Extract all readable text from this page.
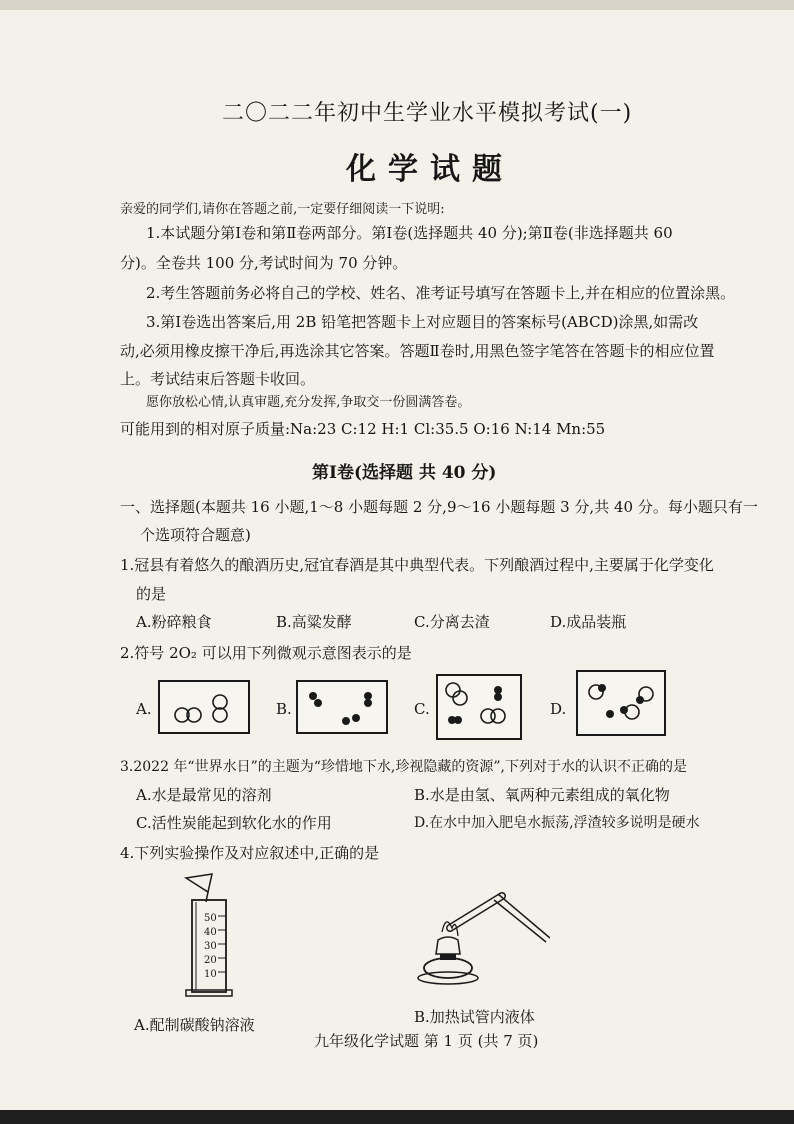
二〇二二年初中生学业水平模拟考试(一)
化学试题
亲爱的同学们,请你在答题之前,一定要仔细阅读一下说明:
1.本试题分第Ⅰ卷和第Ⅱ卷两部分。第Ⅰ卷(选择题共 40 分);第Ⅱ卷(非选择题共 60
分)。全卷共 100 分,考试时间为 70 分钟。
2.考生答题前务必将自己的学校、姓名、准考证号填写在答题卡上,并在相应的位置涂黑。
3.第Ⅰ卷选出答案后,用 2B 铅笔把答题卡上对应题目的答案标号(ABCD)涂黑,如需改
动,必须用橡皮擦干净后,再选涂其它答案。答题Ⅱ卷时,用黑色签字笔答在答题卡的相应位置
上。考试结束后答题卡收回。
愿你放松心情,认真审题,充分发挥,争取交一份圆满答卷。
可能用到的相对原子质量:Na:23 C:12 H:1 Cl:35.5 O:16 N:14 Mn:55
第Ⅰ卷(选择题 共 40 分)
一、选择题(本题共 16 小题,1～8 小题每题 2 分,9～16 小题每题 3 分,共 40 分。每小题只有一
个选项符合题意)
1.冠县有着悠久的酿酒历史,冠宜春酒是其中典型代表。下列酿酒过程中,主要属于化学变化
的是
A.粉碎粮食	B.高粱发酵	C.分离去渣	D.成品装瓶
2.符号 2O₂ 可以用下列微观示意图表示的是
A.	B.	C.	D.
3.2022 年“世界水日”的主题为“珍惜地下水,珍视隐藏的资源”,下列对于水的认识不正确的是
A.水是最常见的溶剂	B.水是由氢、氧两种元素组成的氧化物
C.活性炭能起到软化水的作用	D.在水中加入肥皂水振荡,浮渣较多说明是硬水
4.下列实验操作及对应叙述中,正确的是
50
40
30
20
10
A.配制碳酸钠溶液	B.加热试管内液体
九年级化学试题 第 1 页 (共 7 页)
